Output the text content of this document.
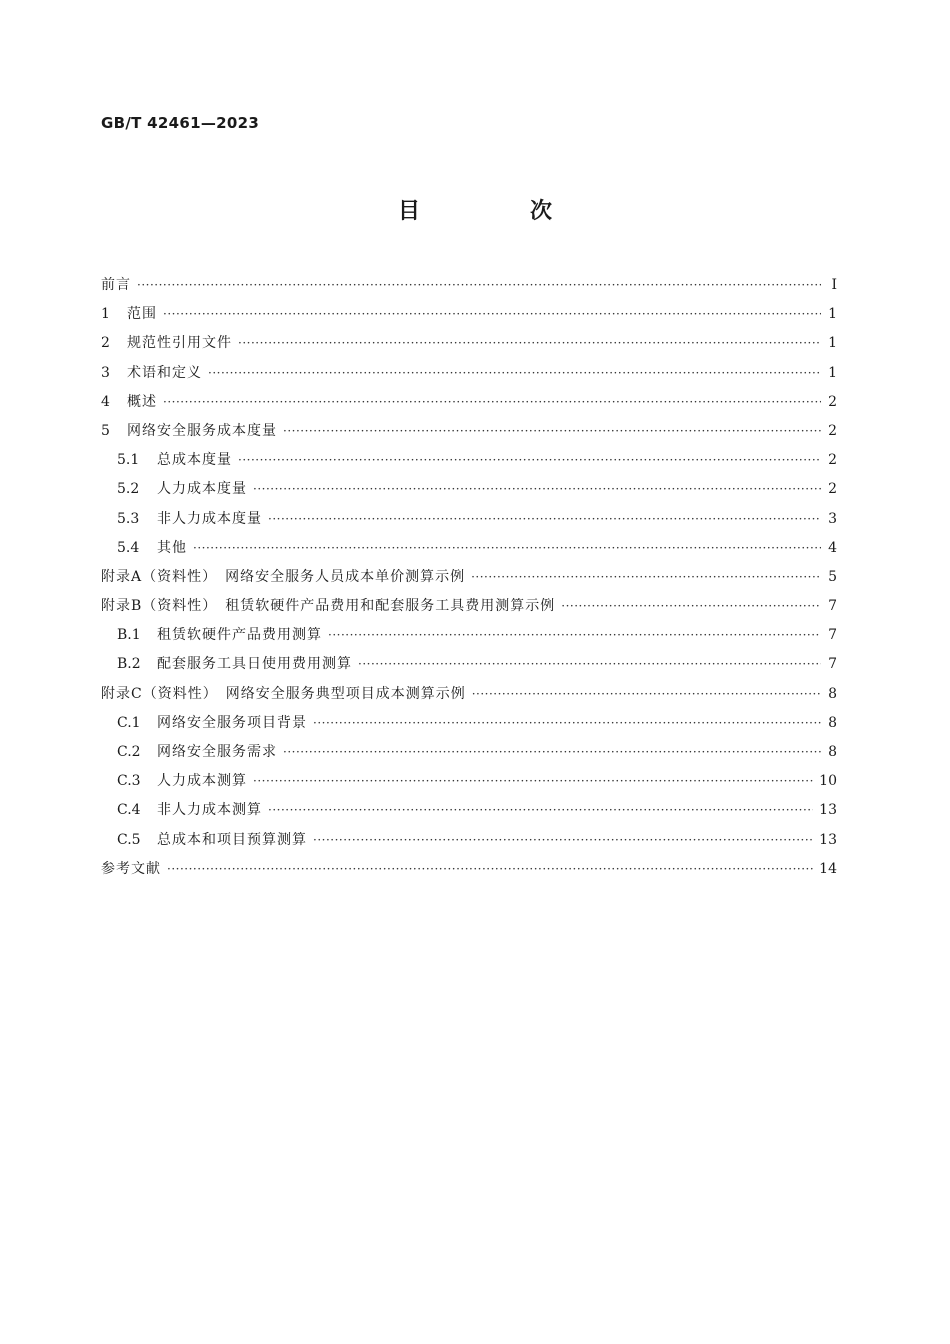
GB/T 42461—2023
目　次
前言 ·····	Ⅰ
1	范围 ·····	1
2	规范性引用文件 ·····	1
3	术语和定义 ·····	1
4	概述 ·····	2
5	网络安全服务成本度量 ·····	2
5.1	总成本度量 ·····	2
5.2	人力成本度量 ·····	2
5.3	非人力成本度量 ·····	3
5.4	其他 ·····	4
附录A（资料性）　网络安全服务人员成本单价测算示例 ·····	5
附录B（资料性）　租赁软硬件产品费用和配套服务工具费用测算示例 ·····	7
B.1	租赁软硬件产品费用测算 ·····	7
B.2	配套服务工具日使用费用测算 ·····	7
附录C（资料性）　网络安全服务典型项目成本测算示例 ·····	8
C.1	网络安全服务项目背景 ·····	8
C.2	网络安全服务需求 ·····	8
C.3	人力成本测算 ·····	10
C.4	非人力成本测算 ·····	13
C.5	总成本和项目预算测算 ·····	13
参考文献 ·····	14
